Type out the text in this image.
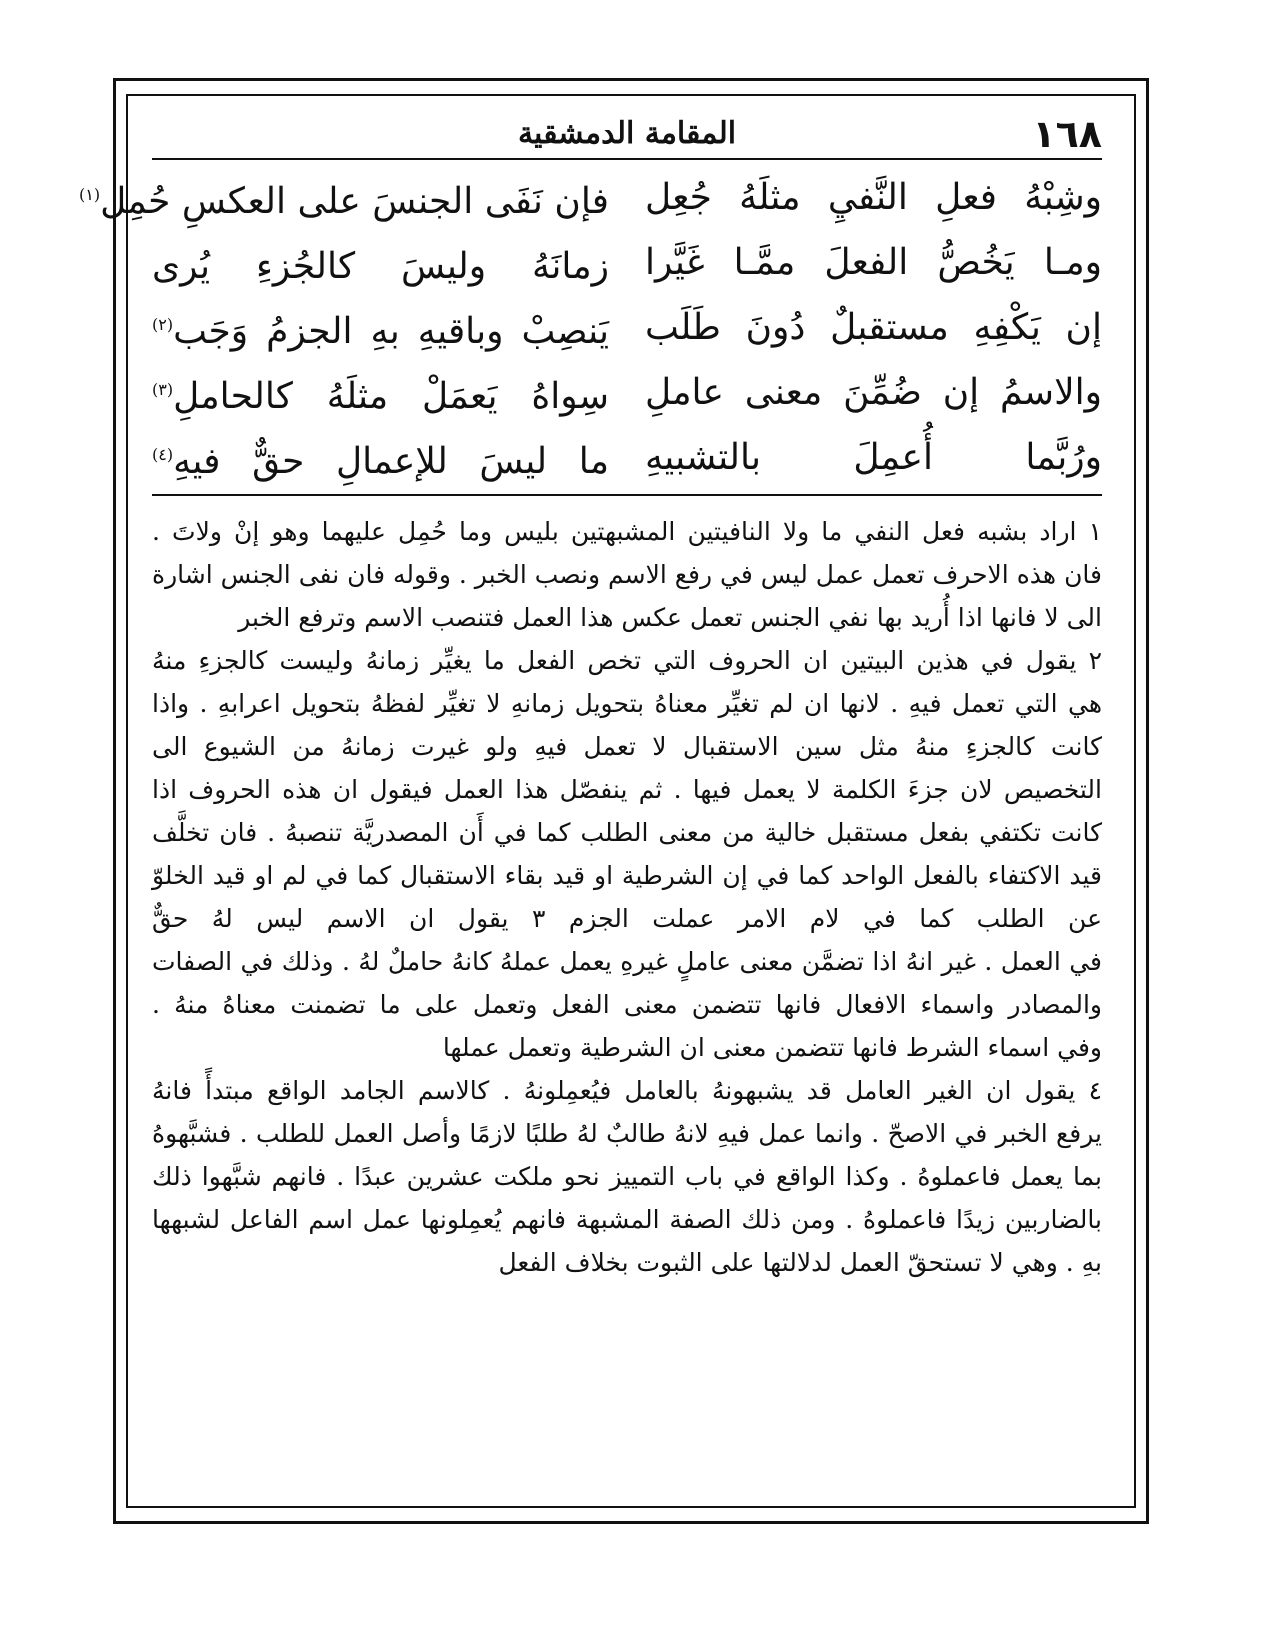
١٦٨
المقامة الدمشقية
وشِبْهُ فعلِ النَّفيِ مثلَهُ جُعِل
فإن نَفَى الجنسَ على العكسِ حُمِل$^{(١)}$
ومـا يَخُصُّ الفعلَ ممَّـا غَيَّرا
زمانَهُ وليسَ كالجُزءِ يُرى
إن يَكْفِهِ مستقبلٌ دُونَ طَلَب
يَنصِبْ وباقيهِ بهِ الجزمُ وَجَب$^{(٢)}$
والاسمُ إن ضُمِّنَ معنى عاملِ
سِواهُ يَعمَلْ مثلَهُ كالحاملِ$^{(٣)}$
ورُبَّما أُعمِلَ بالتشبيهِ
ما ليسَ للإعمالِ حقٌّ فيهِ$^{(٤)}$
١ اراد بشبه فعل النفي ما ولا النافيتين المشبهتين بليس وما حُمِل عليهما وهو إنْ ولاتَ .
فان هذه الاحرف تعمل عمل ليس في رفع الاسم ونصب الخبر . وقوله فان نفى الجنس اشارة
الى لا فانها اذا أُريد بها نفي الجنس تعمل عكس هذا العمل فتنصب الاسم وترفع الخبر
٢ يقول في هذين البيتين ان الحروف التي تخص الفعل ما يغيِّر زمانهُ وليست كالجزءِ منهُ
هي التي تعمل فيهِ . لانها ان لم تغيِّر معناهُ بتحويل زمانهِ لا تغيِّر لفظهُ بتحويل اعرابهِ . واذا
كانت كالجزءِ منهُ مثل سين الاستقبال لا تعمل فيهِ ولو غيرت زمانهُ من الشيوع الى
التخصيص لان جزءَ الكلمة لا يعمل فيها . ثم ينفصّل هذا العمل فيقول ان هذه الحروف اذا
كانت تكتفي بفعل مستقبل خالية من معنى الطلب كما في أَن المصدريَّة تنصبهُ . فان تخلَّف
قيد الاكتفاء بالفعل الواحد كما في إن الشرطية او قيد بقاء الاستقبال كما في لم او قيد الخلوّ
عن الطلب كما في لام الامر عملت الجزم ٣ يقول ان الاسم ليس لهُ حقٌّ
في العمل . غير انهُ اذا تضمَّن معنى عاملٍ غيرهِ يعمل عملهُ كانهُ حاملٌ لهُ . وذلك في الصفات
والمصادر واسماء الافعال فانها تتضمن معنى الفعل وتعمل على ما تضمنت معناهُ منهُ .
وفي اسماء الشرط فانها تتضمن معنى ان الشرطية وتعمل عملها
٤ يقول ان الغير العامل قد يشبهونهُ بالعامل فيُعمِلونهُ . كالاسم الجامد الواقع مبتدأً فانهُ
يرفع الخبر في الاصحّ . وانما عمل فيهِ لانهُ طالبٌ لهُ طلبًا لازمًا وأصل العمل للطلب . فشبَّهوهُ
بما يعمل فاعملوهُ . وكذا الواقع في باب التمييز نحو ملكت عشرين عبدًا . فانهم شبَّهوا ذلك
بالضاربين زيدًا فاعملوهُ . ومن ذلك الصفة المشبهة فانهم يُعمِلونها عمل اسم الفاعل لشبهها
بهِ . وهي لا تستحقّ العمل لدلالتها على الثبوت بخلاف الفعل
